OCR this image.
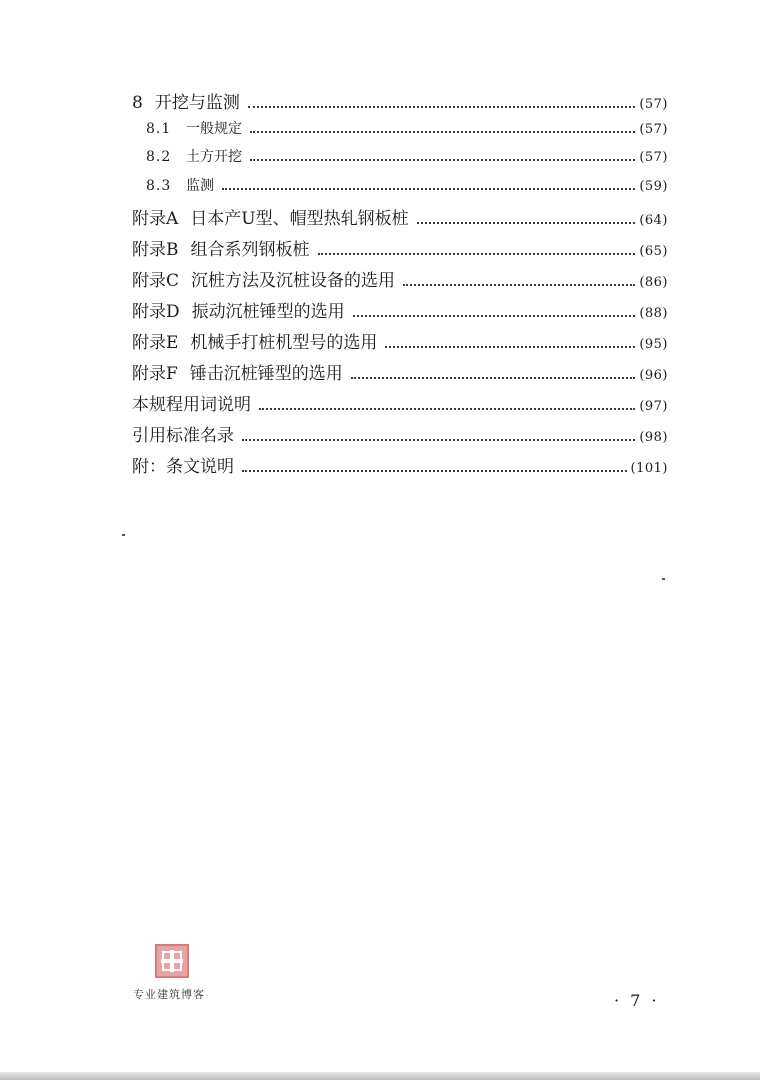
8 开挖与监测	(57)
8.1	一般规定	(57)
8.2	土方开挖	(57)
8.3	监测	(59)
附录A 日本产U型、帽型热轧钢板桩	(64)
附录B 组合系列钢板桩	(65)
附录C 沉桩方法及沉桩设备的选用	(86)
附录D 振动沉桩锤型的选用	(88)
附录E 机械手打桩机型号的选用	(95)
附录F 锤击沉桩锤型的选用	(96)
本规程用词说明	(97)
引用标准名录	(98)
附：条文说明	(101)
专业建筑博客	· 7 ·
